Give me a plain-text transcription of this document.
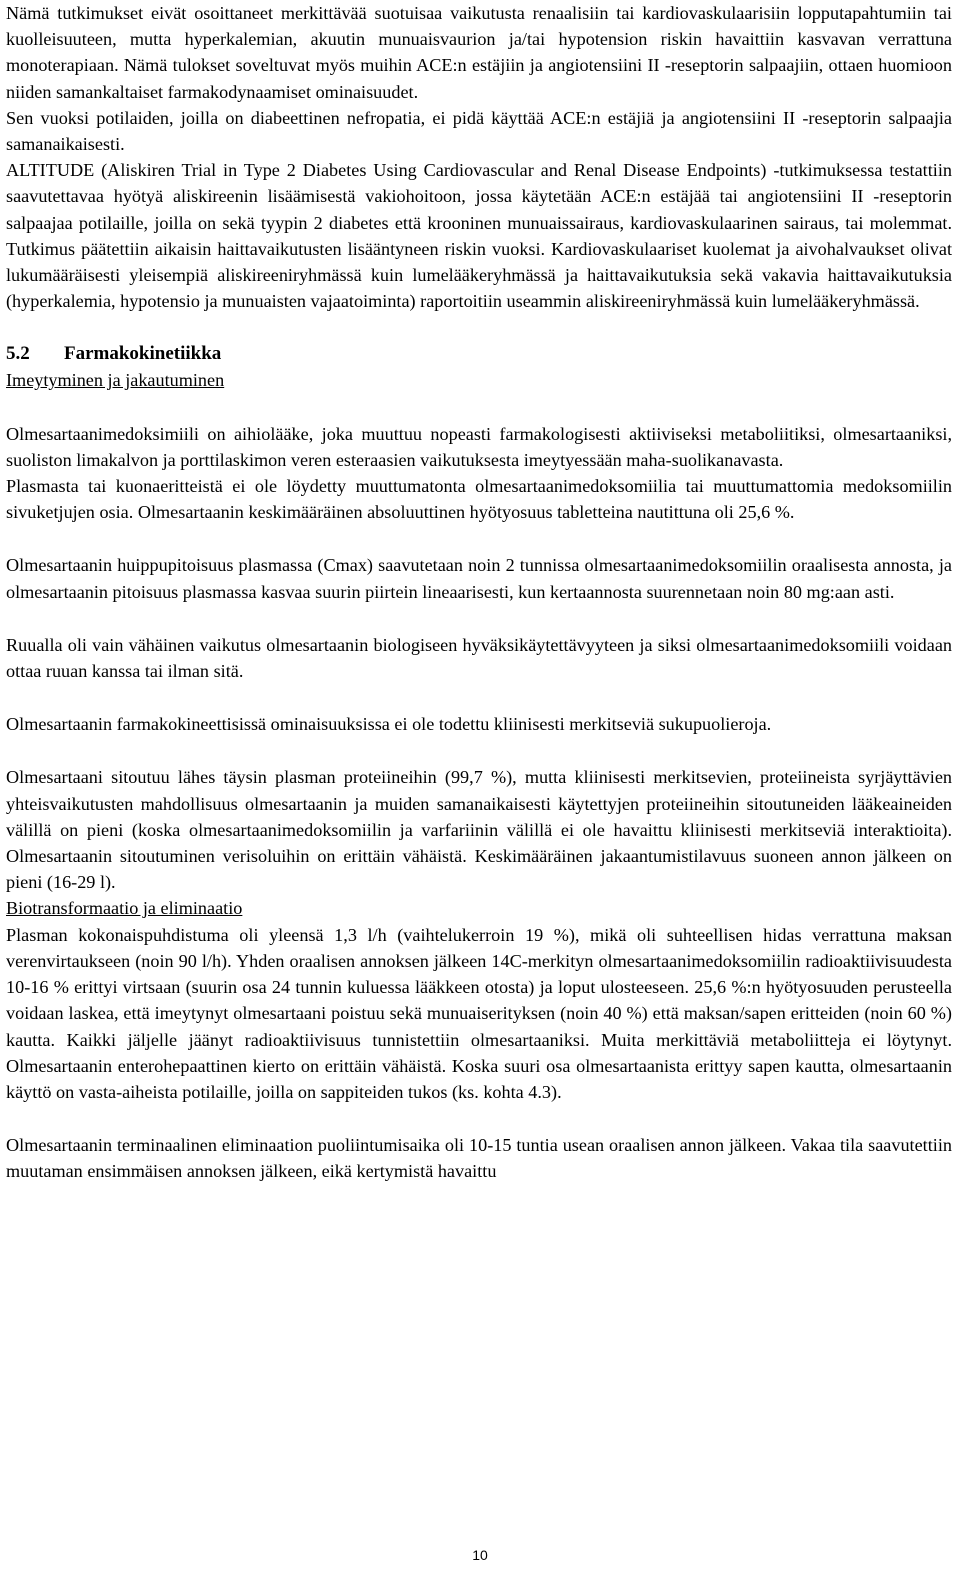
Nämä tutkimukset eivät osoittaneet merkittävää suotuisaa vaikutusta renaalisiin tai kardiovaskulaarisiin lopputapahtumiin tai kuolleisuuteen, mutta hyperkalemian, akuutin munuaisvaurion ja/tai hypotension riskin havaittiin kasvavan verrattuna monoterapiaan. Nämä tulokset soveltuvat myös muihin ACE:n estäjiin ja angiotensiini II -reseptorin salpaajiin, ottaen huomioon niiden samankaltaiset farmakodynaamiset ominaisuudet.

Sen vuoksi potilaiden, joilla on diabeettinen nefropatia, ei pidä käyttää ACE:n estäjiä ja angiotensiini II -reseptorin salpaajia samanaikaisesti.

ALTITUDE (Aliskiren Trial in Type 2 Diabetes Using Cardiovascular and Renal Disease Endpoints) -tutkimuksessa testattiin saavutettavaa hyötyä aliskireenin lisäämisestä vakiohoitoon, jossa käytetään ACE:n estäjää tai angiotensiini II -reseptorin salpaajaa potilaille, joilla on sekä tyypin 2 diabetes että krooninen munuaissairaus, kardiovaskulaarinen sairaus, tai molemmat. Tutkimus päätettiin aikaisin haittavaikutusten lisääntyneen riskin vuoksi. Kardiovaskulaariset kuolemat ja aivohalvaukset olivat lukumääräisesti yleisempiä aliskireeniryhmässä kuin lumelääkeryhmässä ja haittavaikutuksia sekä vakavia haittavaikutuksia (hyperkalemia, hypotensio ja munuaisten vajaatoiminta) raportoitiin useammin aliskireeniryhmässä kuin lumelääkeryhmässä.

5.2	Farmakokinetiikka

Imeytyminen ja jakautuminen

Olmesartaanimedoksimiili on aihiolääke, joka muuttuu nopeasti farmakologisesti aktiiviseksi metaboliitiksi, olmesartaaniksi, suoliston limakalvon ja porttilaskimon veren esteraasien vaikutuksesta imeytyessään maha-suolikanavasta.

Plasmasta tai kuonaeritteistä ei ole löydetty muuttumatonta olmesartaanimedoksomiilia tai muuttumattomia medoksomiilin sivuketjujen osia. Olmesartaanin keskimääräinen absoluuttinen hyötyosuus tabletteina nautittuna oli 25,6 %.

Olmesartaanin huippupitoisuus plasmassa (Cmax) saavutetaan noin 2 tunnissa olmesartaanimedoksomiilin oraalisesta annosta, ja olmesartaanin pitoisuus plasmassa kasvaa suurin piirtein lineaarisesti, kun kertaannosta suurennetaan noin 80 mg:aan asti.

Ruualla oli vain vähäinen vaikutus olmesartaanin biologiseen hyväksikäytettävyyteen ja siksi olmesartaanimedoksomiili voidaan ottaa ruuan kanssa tai ilman sitä.

Olmesartaanin farmakokineettisissä ominaisuuksissa ei ole todettu kliinisesti merkitseviä sukupuolieroja.

Olmesartaani sitoutuu lähes täysin plasman proteiineihin (99,7 %), mutta kliinisesti merkitsevien, proteiineista syrjäyttävien yhteisvaikutusten mahdollisuus olmesartaanin ja muiden samanaikaisesti käytettyjen proteiineihin sitoutuneiden lääkeaineiden välillä on pieni (koska olmesartaanimedoksomiilin ja varfariinin välillä ei ole havaittu kliinisesti merkitseviä interaktioita). Olmesartaanin sitoutuminen verisoluihin on erittäin vähäistä. Keskimääräinen jakaantumistilavuus suoneen annon jälkeen on pieni (16-29 l).

Biotransformaatio ja eliminaatio

Plasman kokonaispuhdistuma oli yleensä 1,3 l/h (vaihtelukerroin 19 %), mikä oli suhteellisen hidas verrattuna maksan verenvirtaukseen (noin 90 l/h). Yhden oraalisen annoksen jälkeen 14C-merkityn olmesartaanimedoksomiilin radioaktiivisuudesta 10-16 % erittyi virtsaan (suurin osa 24 tunnin kuluessa lääkkeen otosta) ja loput ulosteeseen. 25,6 %:n hyötyosuuden perusteella voidaan laskea, että imeytynyt olmesartaani poistuu sekä munuaiserityksen (noin 40 %) että maksan/sapen eritteiden (noin 60 %) kautta. Kaikki jäljelle jäänyt radioaktiivisuus tunnistettiin olmesartaaniksi. Muita merkittäviä metaboliitteja ei löytynyt. Olmesartaanin enterohepaattinen kierto on erittäin vähäistä. Koska suuri osa olmesartaanista erittyy sapen kautta, olmesartaanin käyttö on vasta-aiheista potilaille, joilla on sappiteiden tukos (ks. kohta 4.3).

Olmesartaanin terminaalinen eliminaation puoliintumisaika oli 10-15 tuntia usean oraalisen annon jälkeen. Vakaa tila saavutettiin muutaman ensimmäisen annoksen jälkeen, eikä kertymistä havaittu

10
